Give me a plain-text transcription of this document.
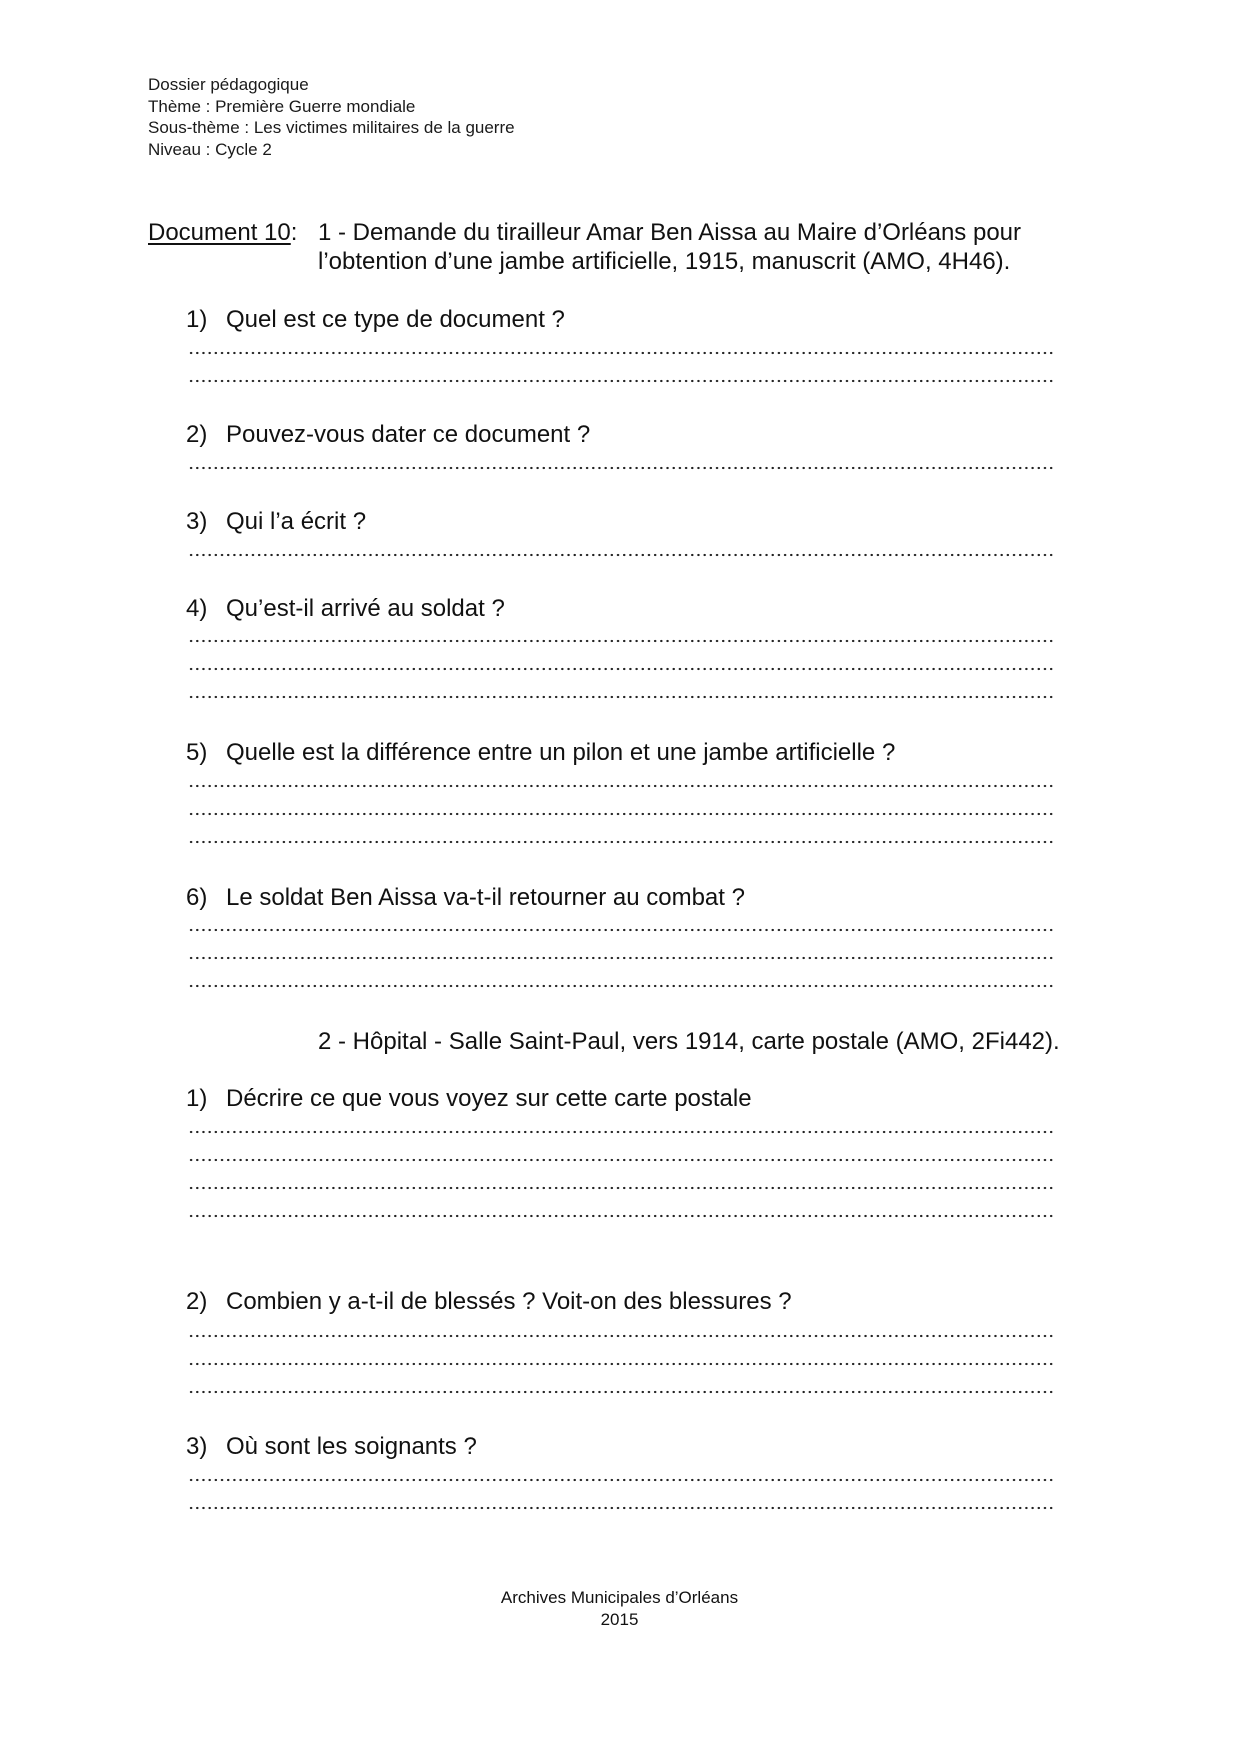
Dossier pédagogique
Thème : Première Guerre mondiale
Sous-thème : Les victimes militaires de la guerre
Niveau : Cycle 2
Document 10: 1 - Demande du tirailleur Amar Ben Aissa au Maire d’Orléans pour
l’obtention d’une jambe artificielle, 1915, manuscrit (AMO, 4H46).
1) Quel est ce type de document ?
2) Pouvez-vous dater ce document ?
3) Qui l’a écrit ?
4) Qu’est-il arrivé au soldat ?
5) Quelle est la différence entre un pilon et une jambe artificielle ?
6) Le soldat Ben Aissa va-t-il retourner au combat ?
2 - Hôpital - Salle Saint-Paul, vers 1914, carte postale (AMO, 2Fi442).
1) Décrire ce que vous voyez sur cette carte postale
2) Combien y a-t-il de blessés ? Voit-on des blessures ?
3) Où sont les soignants ?
Archives Municipales d’Orléans
2015
